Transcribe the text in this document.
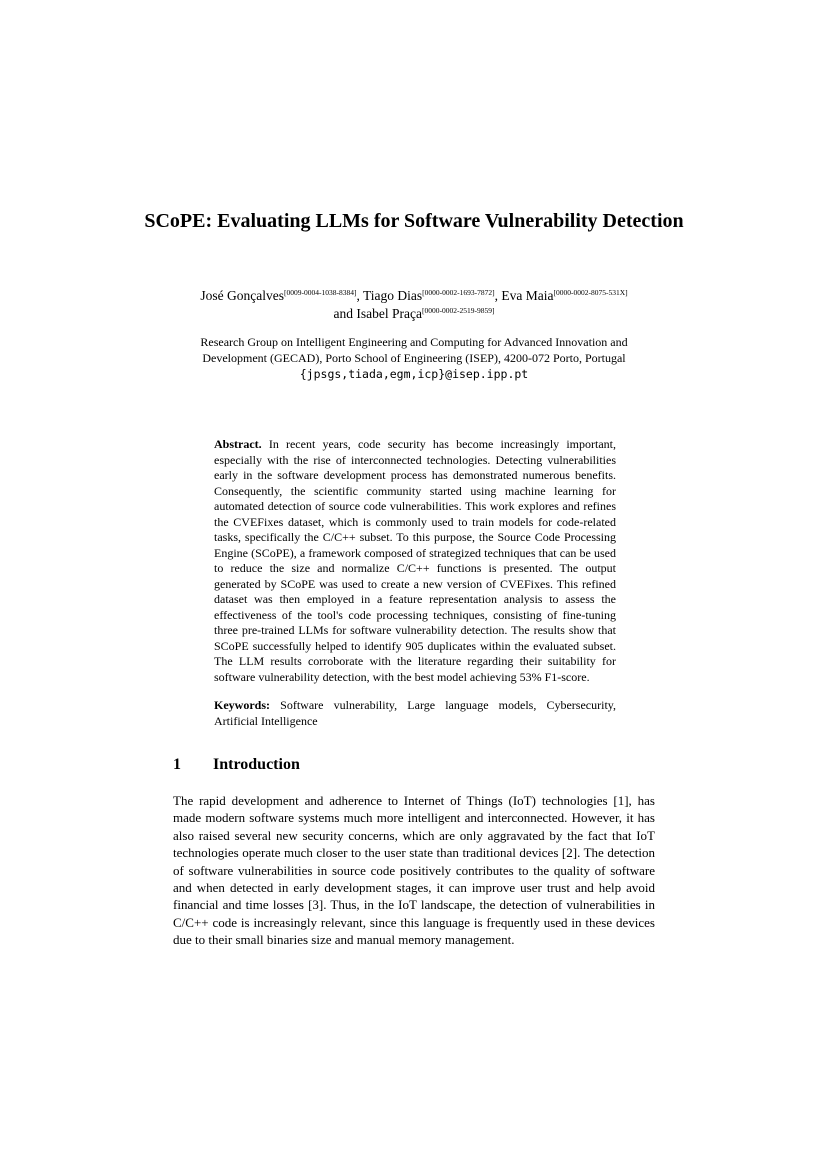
SCoPE: Evaluating LLMs for Software Vulnerability Detection
José Gonçalves[0009-0004-1038-8384], Tiago Dias[0000-0002-1693-7872], Eva Maia[0000-0002-8075-531X]
and Isabel Praça[0000-0002-2519-9859]
Research Group on Intelligent Engineering and Computing for Advanced Innovation and Development (GECAD), Porto School of Engineering (ISEP), 4200-072 Porto, Portugal
{jpsgs,tiada,egm,icp}@isep.ipp.pt
Abstract. In recent years, code security has become increasingly important, especially with the rise of interconnected technologies. Detecting vulnerabilities early in the software development process has demonstrated numerous benefits. Consequently, the scientific community started using machine learning for automated detection of source code vulnerabilities. This work explores and refines the CVEFixes dataset, which is commonly used to train models for code-related tasks, specifically the C/C++ subset. To this purpose, the Source Code Processing Engine (SCoPE), a framework composed of strategized techniques that can be used to reduce the size and normalize C/C++ functions is presented. The output generated by SCoPE was used to create a new version of CVEFixes. This refined dataset was then employed in a feature representation analysis to assess the effectiveness of the tool's code processing techniques, consisting of fine-tuning three pre-trained LLMs for software vulnerability detection. The results show that SCoPE successfully helped to identify 905 duplicates within the evaluated subset. The LLM results corroborate with the literature regarding their suitability for software vulnerability detection, with the best model achieving 53% F1-score.
Keywords: Software vulnerability, Large language models, Cybersecurity, Artificial Intelligence
1 Introduction
The rapid development and adherence to Internet of Things (IoT) technologies [1], has made modern software systems much more intelligent and interconnected. However, it has also raised several new security concerns, which are only aggravated by the fact that IoT technologies operate much closer to the user state than traditional devices [2]. The detection of software vulnerabilities in source code positively contributes to the quality of software and when detected in early development stages, it can improve user trust and help avoid financial and time losses [3]. Thus, in the IoT landscape, the detection of vulnerabilities in C/C++ code is increasingly relevant, since this language is frequently used in these devices due to their small binaries size and manual memory management.
